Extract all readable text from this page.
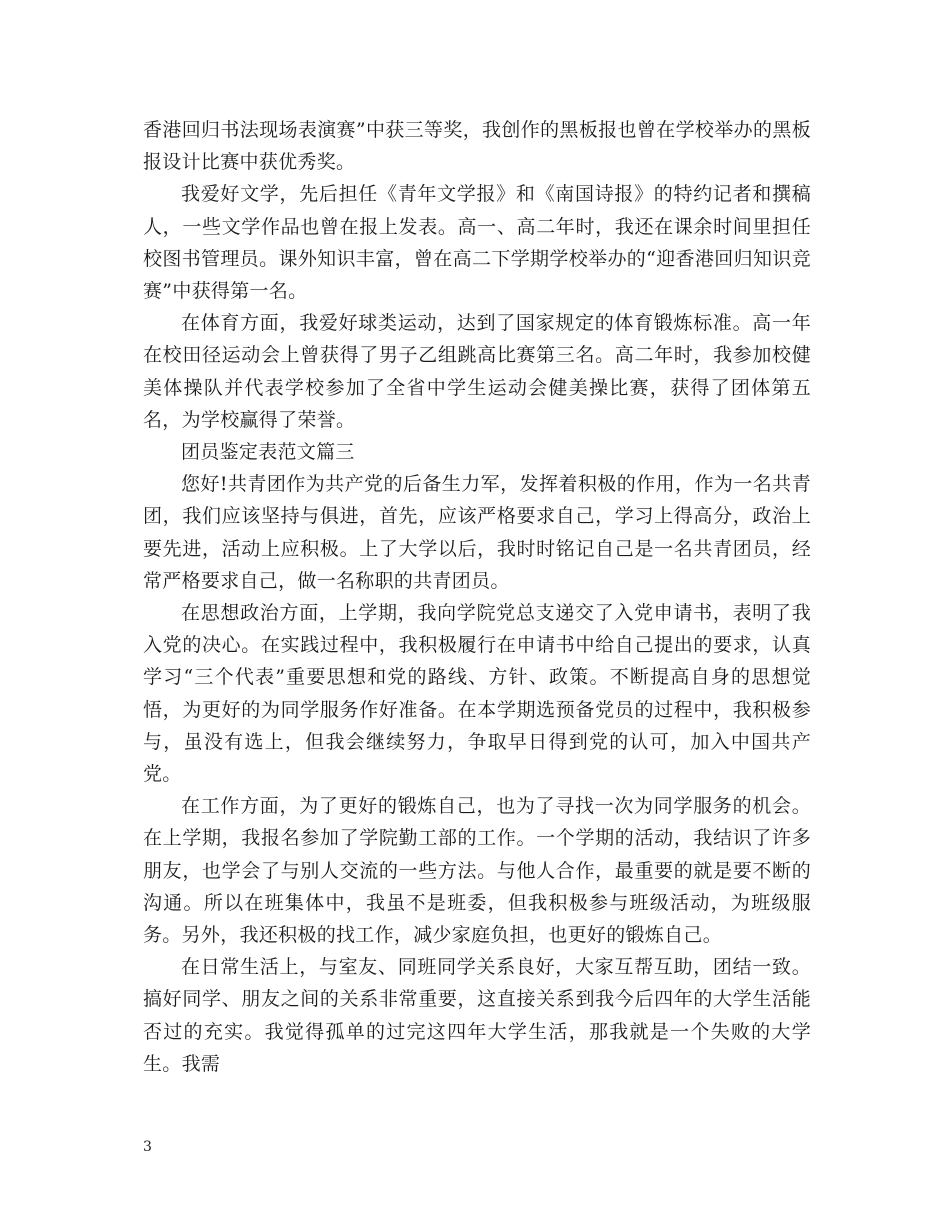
香港回归书法现场表演赛”中获三等奖，我创作的黑板报也曾在学校举办的黑板报设计比赛中获优秀奖。

我爱好文学，先后担任《青年文学报》和《南国诗报》的特约记者和撰稿人，一些文学作品也曾在报上发表。高一、高二年时，我还在课余时间里担任校图书管理员。课外知识丰富，曾在高二下学期学校举办的“迎香港回归知识竞赛”中获得第一名。

在体育方面，我爱好球类运动，达到了国家规定的体育锻炼标准。高一年在校田径运动会上曾获得了男子乙组跳高比赛第三名。高二年时，我参加校健美体操队并代表学校参加了全省中学生运动会健美操比赛，获得了团体第五名，为学校赢得了荣誉。

团员鉴定表范文篇三

您好!共青团作为共产党的后备生力军，发挥着积极的作用，作为一名共青团，我们应该坚持与俱进，首先，应该严格要求自己，学习上得高分，政治上要先进，活动上应积极。上了大学以后，我时时铭记自己是一名共青团员，经常严格要求自己，做一名称职的共青团员。

在思想政治方面，上学期，我向学院党总支递交了入党申请书，表明了我入党的决心。在实践过程中，我积极履行在申请书中给自己提出的要求，认真学习“三个代表”重要思想和党的路线、方针、政策。不断提高自身的思想觉悟，为更好的为同学服务作好准备。在本学期选预备党员的过程中，我积极参与，虽没有选上，但我会继续努力，争取早日得到党的认可，加入中国共产党。

在工作方面，为了更好的锻炼自己，也为了寻找一次为同学服务的机会。在上学期，我报名参加了学院勤工部的工作。一个学期的活动，我结识了许多朋友，也学会了与别人交流的一些方法。与他人合作，最重要的就是要不断的沟通。所以在班集体中，我虽不是班委，但我积极参与班级活动，为班级服务。另外，我还积极的找工作，减少家庭负担，也更好的锻炼自己。

在日常生活上，与室友、同班同学关系良好，大家互帮互助，团结一致。搞好同学、朋友之间的关系非常重要，这直接关系到我今后四年的大学生活能否过的充实。我觉得孤单的过完这四年大学生活，那我就是一个失败的大学生。我需

3
